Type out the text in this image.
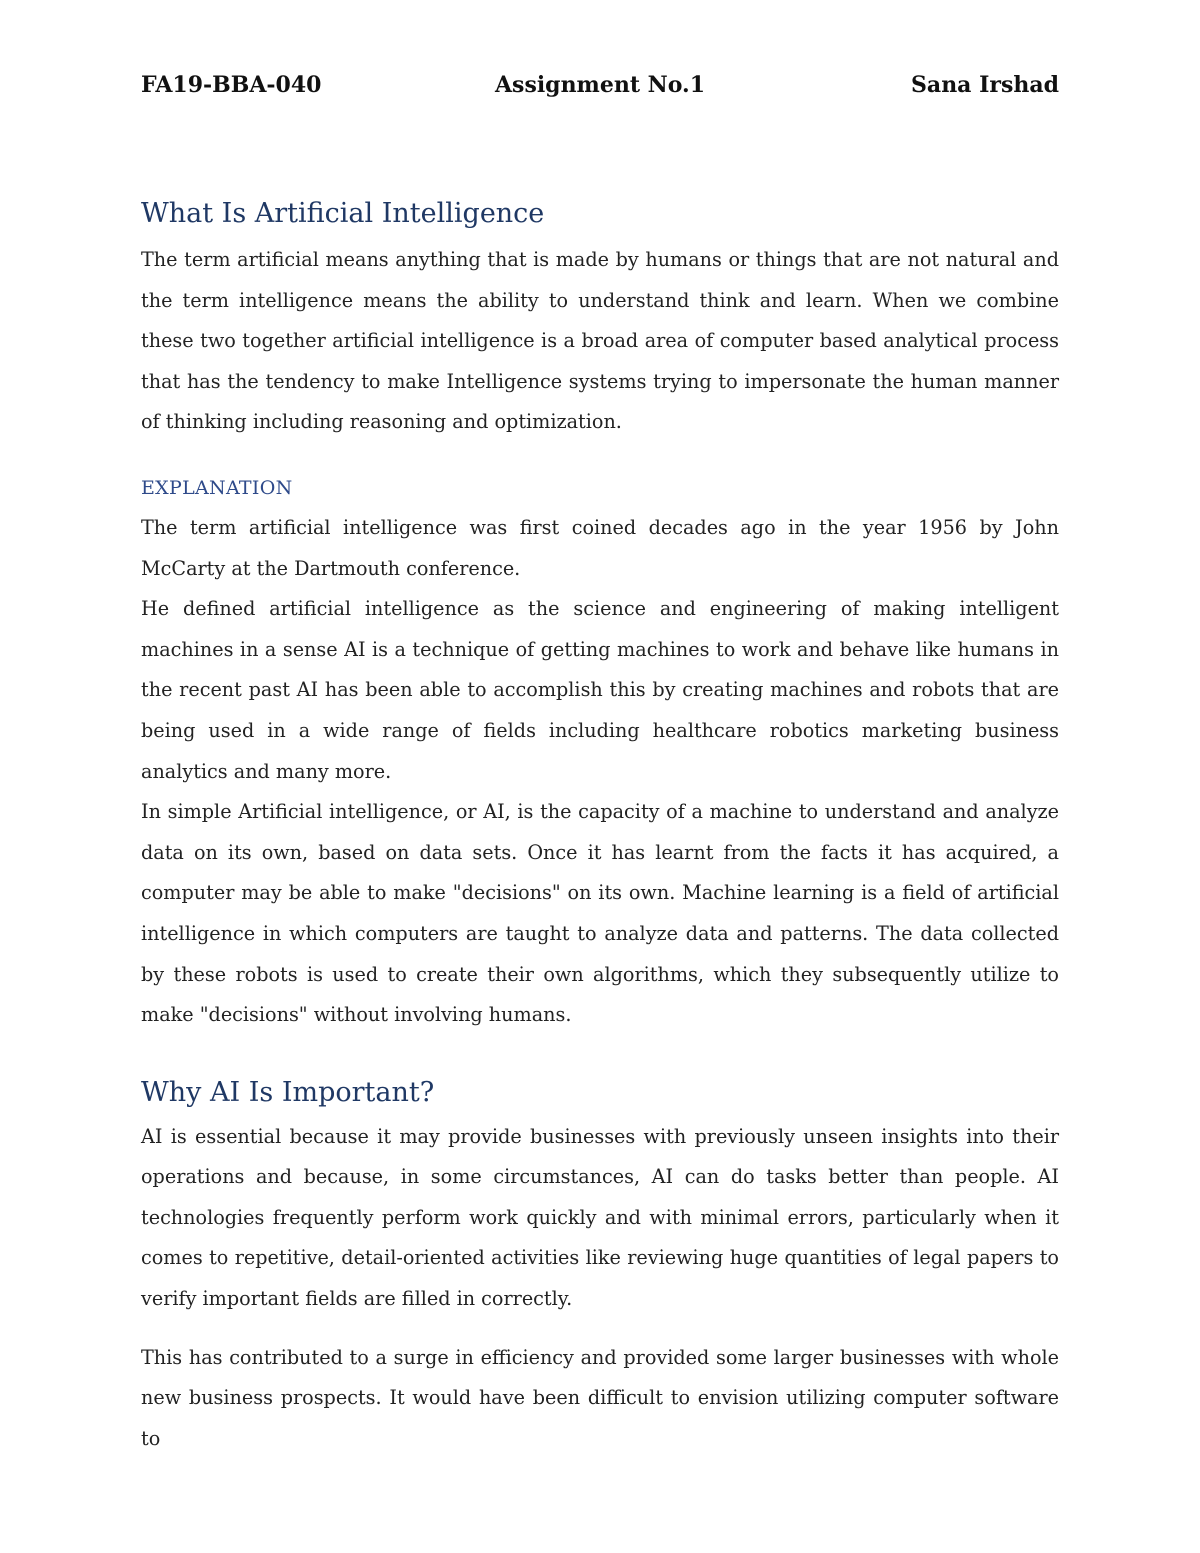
FA19-BBA-040	Assignment No.1	Sana Irshad
What Is Artificial Intelligence

The term artificial means anything that is made by humans or things that are not natural and the term intelligence means the ability to understand think and learn. When we combine these two together artificial intelligence is a broad area of computer based analytical process that has the tendency to make Intelligence systems trying to impersonate the human manner of thinking including reasoning and optimization.

EXPLANATION

The term artificial intelligence was first coined decades ago in the year 1956 by John McCarty at the Dartmouth conference.

He defined artificial intelligence as the science and engineering of making intelligent machines in a sense AI is a technique of getting machines to work and behave like humans in the recent past AI has been able to accomplish this by creating machines and robots that are being used in a wide range of fields including healthcare robotics marketing business analytics and many more.

In simple Artificial intelligence, or AI, is the capacity of a machine to understand and analyze data on its own, based on data sets. Once it has learnt from the facts it has acquired, a computer may be able to make "decisions" on its own. Machine learning is a field of artificial intelligence in which computers are taught to analyze data and patterns. The data collected by these robots is used to create their own algorithms, which they subsequently utilize to make "decisions" without involving humans.

Why AI Is Important?

AI is essential because it may provide businesses with previously unseen insights into their operations and because, in some circumstances, AI can do tasks better than people. AI technologies frequently perform work quickly and with minimal errors, particularly when it comes to repetitive, detail-oriented activities like reviewing huge quantities of legal papers to verify important fields are filled in correctly.

This has contributed to a surge in efficiency and provided some larger businesses with whole new business prospects. It would have been difficult to envision utilizing computer software to
